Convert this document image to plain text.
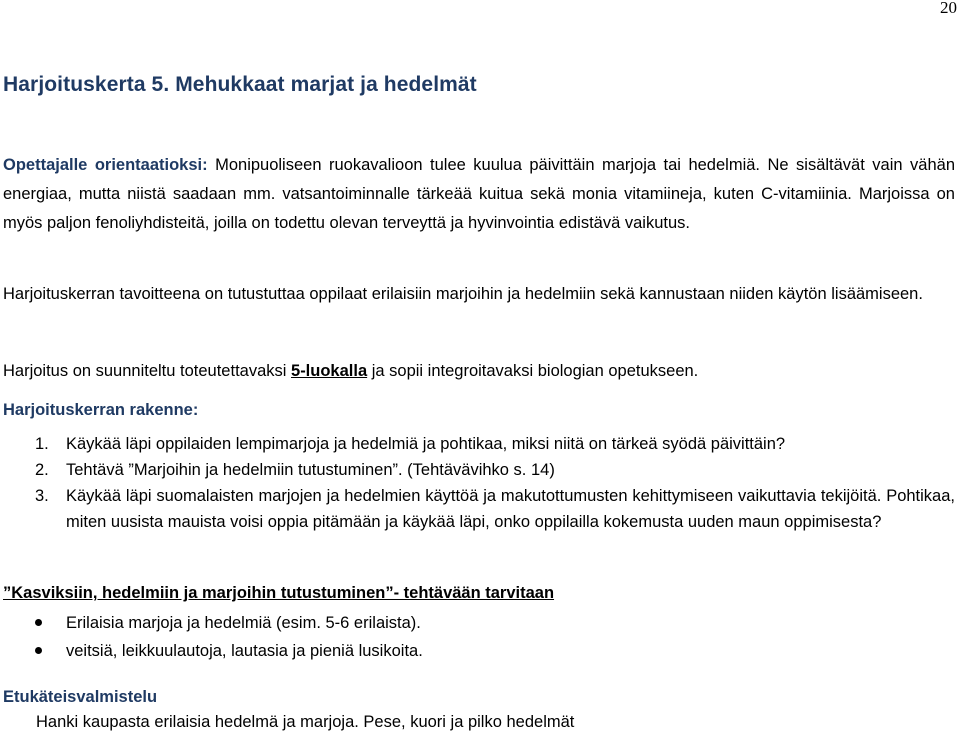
20
Harjoituskerta 5. Mehukkaat marjat ja hedelmät

Opettajalle orientaatioksi: Monipuoliseen ruokavalioon tulee kuulua päivittäin marjoja tai hedelmiä. Ne sisältävät vain vähän energiaa, mutta niistä saadaan mm. vatsantoiminnalle tärkeää kuitua sekä monia vitamiineja, kuten C-vitamiinia. Marjoissa on myös paljon fenoliyhdisteitä, joilla on todettu olevan terveyttä ja hyvinvointia edistävä vaikutus.

Harjoituskerran tavoitteena on tutustuttaa oppilaat erilaisiin marjoihin ja hedelmiin sekä kannustaan niiden käytön lisäämiseen.

Harjoitus on suunniteltu toteutettavaksi 5-luokalla ja sopii integroitavaksi biologian opetukseen.

Harjoituskerran rakenne:
1. Käykää läpi oppilaiden lempimarjoja ja hedelmiä ja pohtikaa, miksi niitä on tärkeä syödä päivittäin?
2. Tehtävä ”Marjoihin ja hedelmiin tutustuminen”. (Tehtävävihko s. 14)
3. Käykää läpi suomalaisten marjojen ja hedelmien käyttöä ja makutottumusten kehittymiseen vaikuttavia tekijöitä. Pohtikaa, miten uusista mauista voisi oppia pitämään ja käykää läpi, onko oppilailla kokemusta uuden maun oppimisesta?
”Kasviksiin, hedelmiin ja marjoihin tutustuminen”- tehtävään tarvitaan
Erilaisia marjoja ja hedelmiä (esim. 5-6 erilaista).
veitsiä, leikkuulautoja, lautasia ja pieniä lusikoita.
Etukäteisvalmistelu

Hanki kaupasta erilaisia hedelmä ja marjoja. Pese, kuori ja pilko hedelmät
